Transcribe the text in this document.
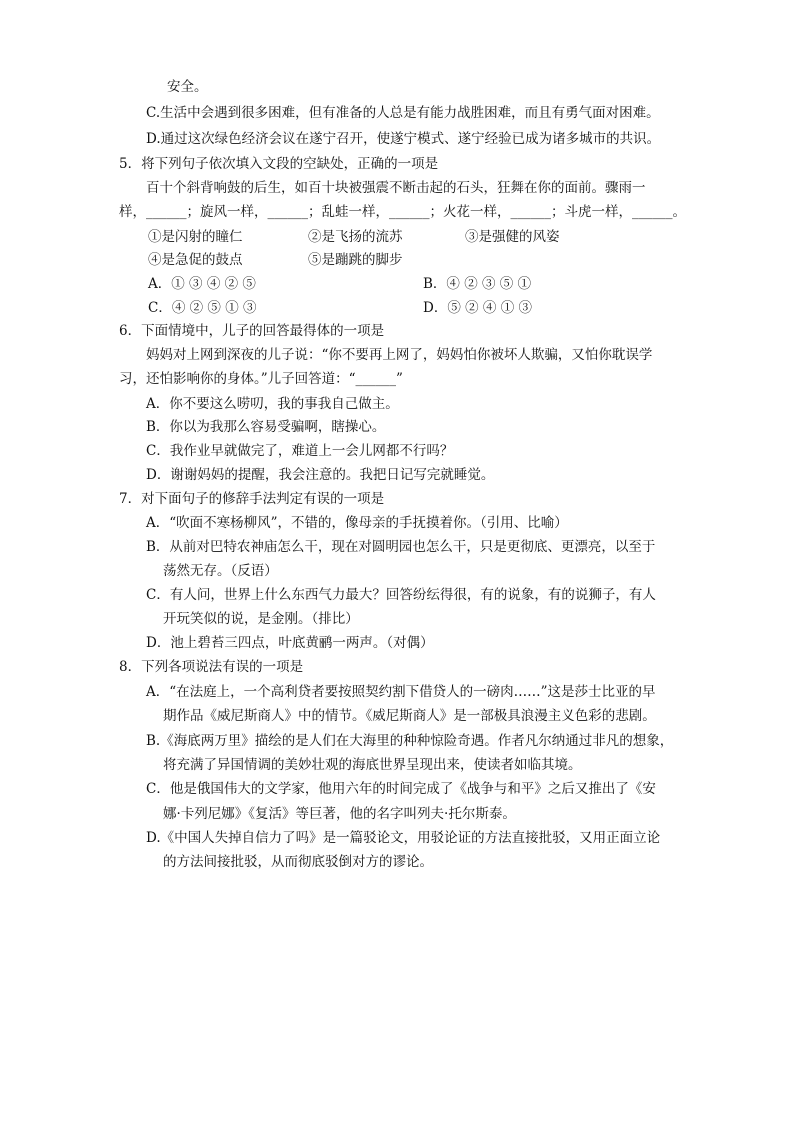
安全。
C.生活中会遇到很多困难，但有准备的人总是有能力战胜困难，而且有勇气面对困难。
D.通过这次绿色经济会议在遂宁召开，使遂宁模式、遂宁经验已成为诸多城市的共识。
5．将下列句子依次填入文段的空缺处，正确的一项是
百十个斜背响鼓的后生，如百十块被强震不断击起的石头，狂舞在你的面前。骤雨一
样，______；旋风一样，______；乱蛙一样，______；火花一样，______；斗虎一样，______。
①是闪射的瞳仁	②是飞扬的流苏	③是强健的风姿
④是急促的鼓点	⑤是蹦跳的脚步
A．① ③ ④ ② ⑤	B．④ ② ③ ⑤ ①
C．④ ② ⑤ ① ③	D．⑤ ② ④ ① ③
6．下面情境中，儿子的回答最得体的一项是
妈妈对上网到深夜的儿子说：“你不要再上网了，妈妈怕你被坏人欺骗，又怕你耽误学
习，还怕影响你的身体。”儿子回答道：“______”
A．你不要这么唠叨，我的事我自己做主。
B．你以为我那么容易受骗啊，瞎操心。
C．我作业早就做完了，难道上一会儿网都不行吗？
D．谢谢妈妈的提醒，我会注意的。我把日记写完就睡觉。
7．对下面句子的修辞手法判定有误的一项是
A．“吹面不寒杨柳风”，不错的，像母亲的手抚摸着你。（引用、比喻）
B．从前对巴特农神庙怎么干，现在对圆明园也怎么干，只是更彻底、更漂亮，以至于
荡然无存。（反语）
C．有人问，世界上什么东西气力最大？回答纷纭得很，有的说象，有的说狮子，有人
开玩笑似的说，是金刚。（排比）
D．池上碧苔三四点，叶底黄鹂一两声。（对偶）
8．下列各项说法有误的一项是
A．“在法庭上，一个高利贷者要按照契约割下借贷人的一磅肉……”这是莎士比亚的早
期作品《威尼斯商人》中的情节。《威尼斯商人》是一部极具浪漫主义色彩的悲剧。
B.《海底两万里》描绘的是人们在大海里的种种惊险奇遇。作者凡尔纳通过非凡的想象，
将充满了异国情调的美妙壮观的海底世界呈现出来，使读者如临其境。
C．他是俄国伟大的文学家，他用六年的时间完成了《战争与和平》之后又推出了《安
娜·卡列尼娜》《复活》等巨著，他的名字叫列夫·托尔斯泰。
D.《中国人失掉自信力了吗》是一篇驳论文，用驳论证的方法直接批驳，又用正面立论
的方法间接批驳，从而彻底驳倒对方的谬论。
